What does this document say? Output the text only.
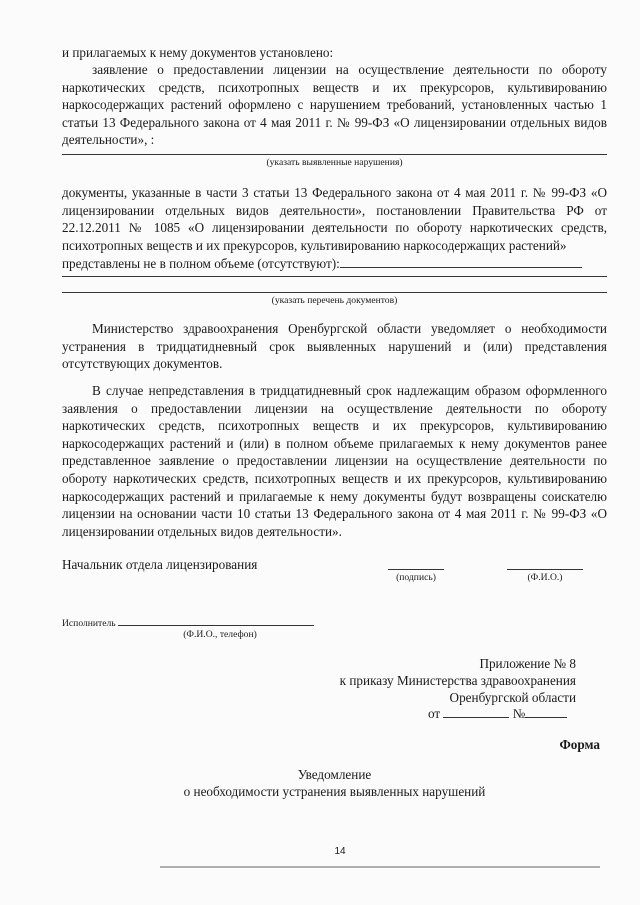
и прилагаемых к нему документов установлено:
заявление о предоставлении лицензии на осуществление деятельности по обороту наркотических средств, психотропных веществ и их прекурсоров, культивированию наркосодержащих растений оформлено с нарушением требований, установленных частью 1 статьи 13 Федерального закона от 4 мая 2011 г. № 99-ФЗ «О лицензировании отдельных видов деятельности», :
(указать выявленные нарушения)
документы, указанные в части 3 статьи 13 Федерального закона от 4 мая 2011 г. № 99-ФЗ «О лицензировании отдельных видов деятельности», постановлении Правительства РФ от 22.12.2011 № 1085 «О лицензировании деятельности по обороту наркотических средств, психотропных веществ и их прекурсоров, культивированию наркосодержащих растений»
представлены не в полном объеме (отсутствуют):
(указать перечень документов)
Министерство здравоохранения Оренбургской области уведомляет о необходимости устранения в тридцатидневный срок выявленных нарушений и (или) представления отсутствующих документов.
В случае непредставления в тридцатидневный срок надлежащим образом оформленного заявления о предоставлении лицензии на осуществление деятельности по обороту наркотических средств, психотропных веществ и их прекурсоров, культивированию наркосодержащих растений и (или) в полном объеме прилагаемых к нему документов ранее представленное заявление о предоставлении лицензии на осуществление деятельности по обороту наркотических средств, психотропных веществ и их прекурсоров, культивированию наркосодержащих растений и прилагаемые к нему документы будут возвращены соискателю лицензии на основании части 10 статьи 13 Федерального закона от 4 мая 2011 г. № 99-ФЗ «О лицензировании отдельных видов деятельности».
Начальник отдела лицензирования
(подпись)	(Ф.И.О.)
Исполнитель
(Ф.И.О., телефон)
Приложение № 8
к приказу Министерства здравоохранения
Оренбургской области
от	№
Форма
Уведомление
о необходимости устранения выявленных нарушений
14
